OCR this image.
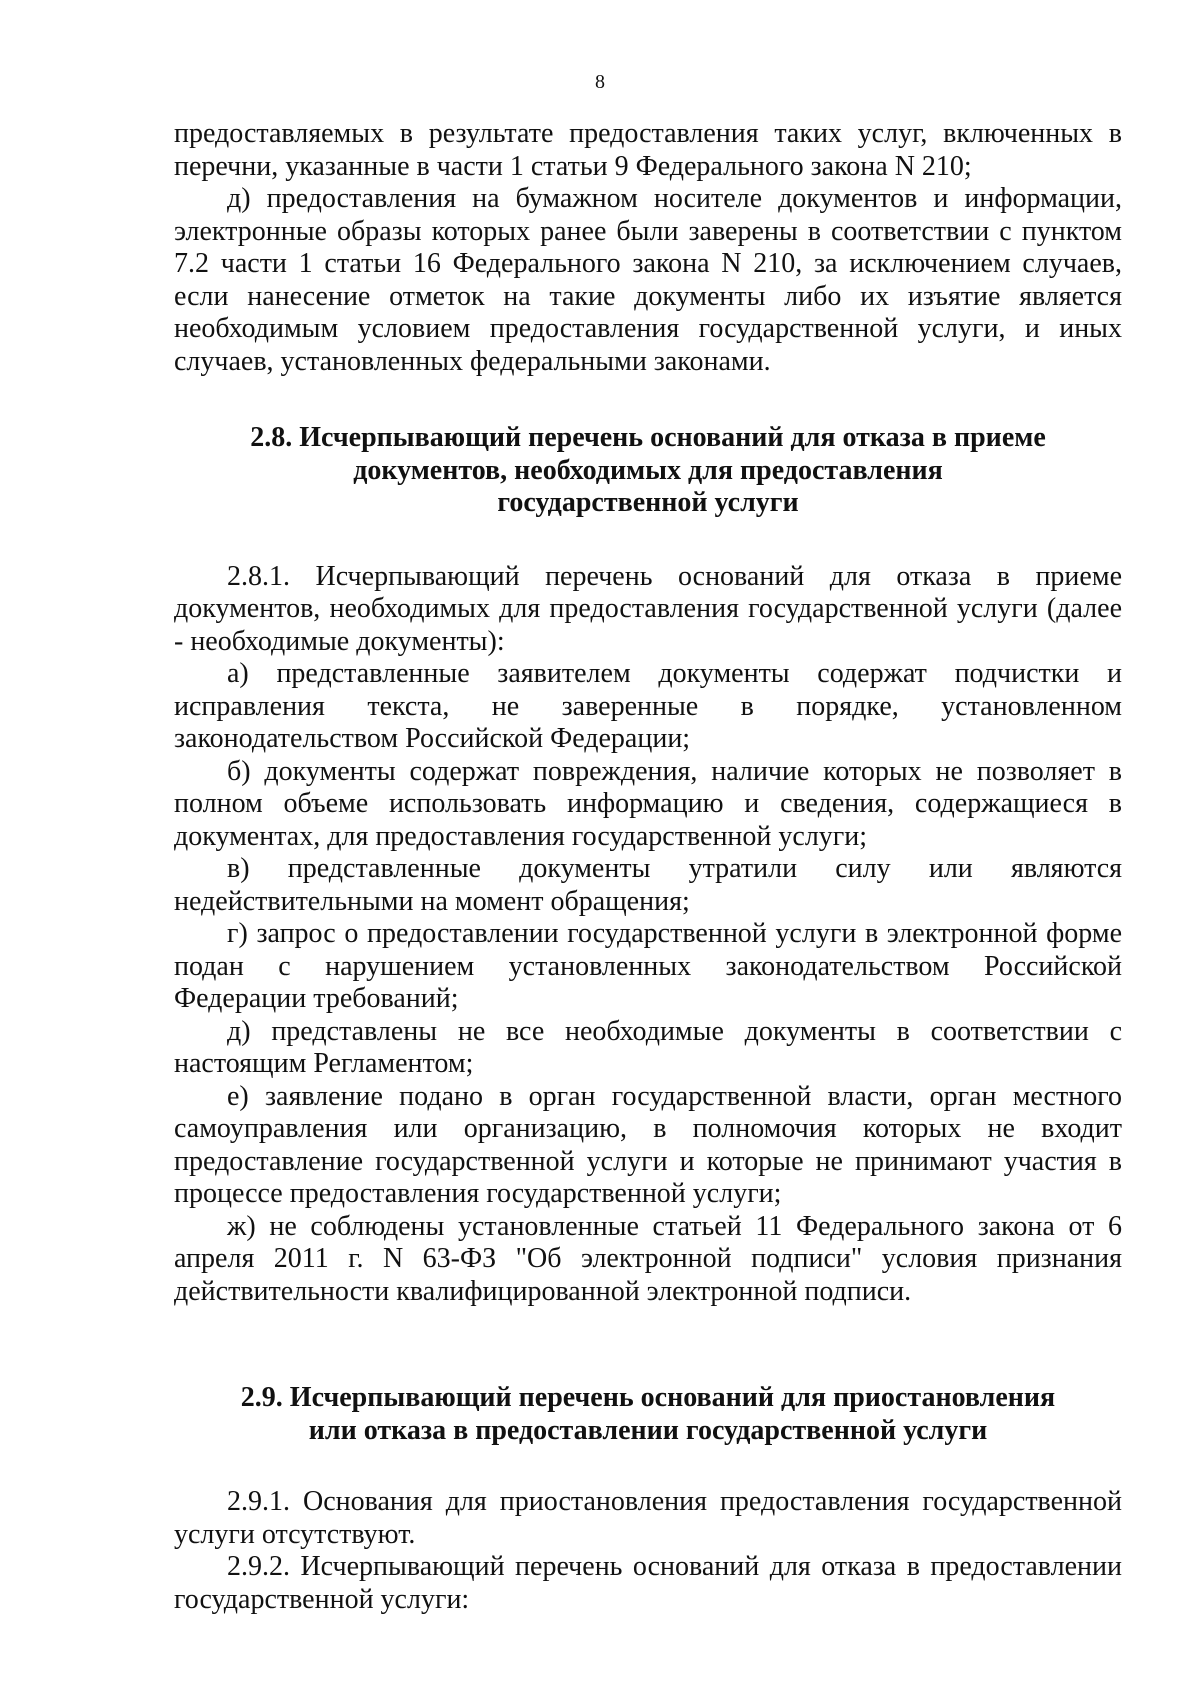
8

предоставляемых в результате предоставления таких услуг, включенных в перечни, указанные в части 1 статьи 9 Федерального закона N 210;

д) предоставления на бумажном носителе документов и информации, электронные образы которых ранее были заверены в соответствии с пунктом 7.2 части 1 статьи 16 Федерального закона N 210, за исключением случаев, если нанесение отметок на такие документы либо их изъятие является необходимым условием предоставления государственной услуги, и иных случаев, установленных федеральными законами.

2.8. Исчерпывающий перечень оснований для отказа в приеме
документов, необходимых для предоставления
государственной услуги

2.8.1. Исчерпывающий перечень оснований для отказа в приеме документов, необходимых для предоставления государственной услуги (далее - необходимые документы):

а) представленные заявителем документы содержат подчистки и исправления текста, не заверенные в порядке, установленном законодательством Российской Федерации;

б) документы содержат повреждения, наличие которых не позволяет в полном объеме использовать информацию и сведения, содержащиеся в документах, для предоставления государственной услуги;

в) представленные документы утратили силу или являются недействительными на момент обращения;

г) запрос о предоставлении государственной услуги в электронной форме подан с нарушением установленных законодательством Российской Федерации требований;

д) представлены не все необходимые документы в соответствии с настоящим Регламентом;

е) заявление подано в орган государственной власти, орган местного самоуправления или организацию, в полномочия которых не входит предоставление государственной услуги и которые не принимают участия в процессе предоставления государственной услуги;

ж) не соблюдены установленные статьей 11 Федерального закона от 6 апреля 2011 г. N 63-ФЗ "Об электронной подписи" условия признания действительности квалифицированной электронной подписи.

2.9. Исчерпывающий перечень оснований для приостановления
или отказа в предоставлении государственной услуги

2.9.1. Основания для приостановления предоставления государственной услуги отсутствуют.

2.9.2. Исчерпывающий перечень оснований для отказа в предоставлении государственной услуги:
